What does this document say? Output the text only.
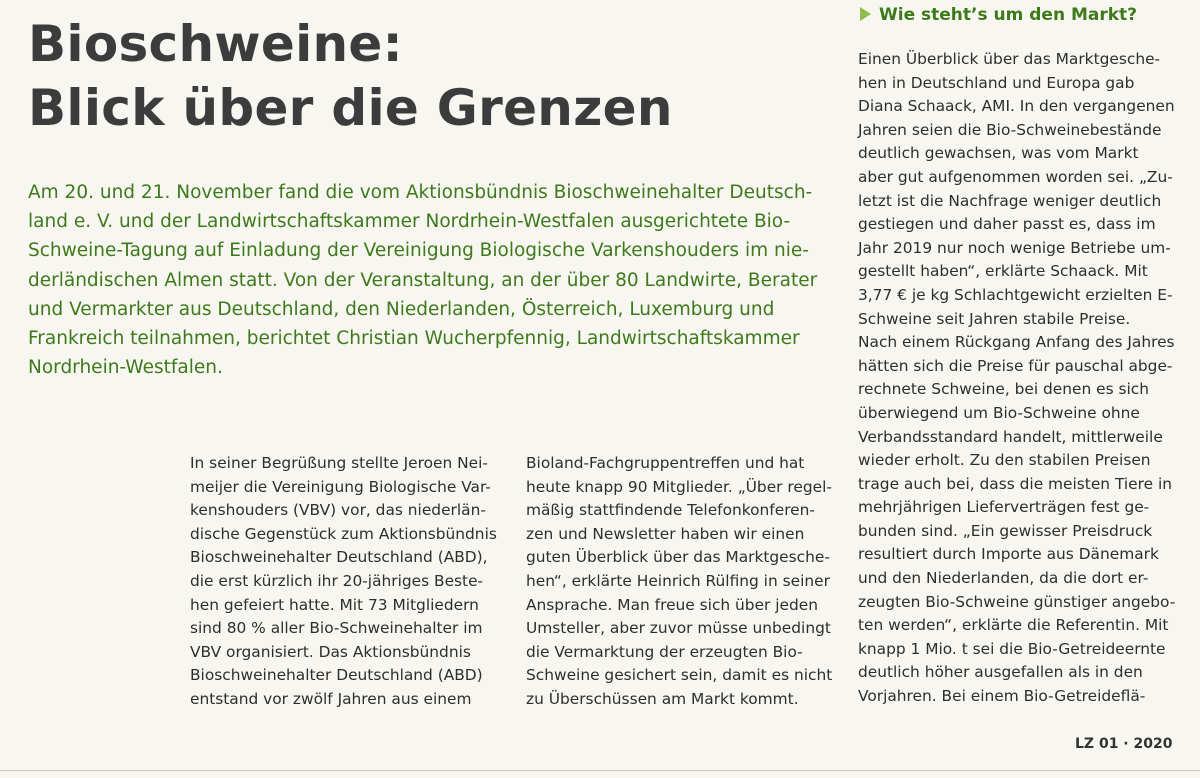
Bioschweine:
Blick über die Grenzen

Am 20. und 21. November fand die vom Aktionsbündnis Bioschweinehalter Deutsch-
land e. V. und der Landwirtschaftskammer Nordrhein-Westfalen ausgerichtete Bio-
Schweine-Tagung auf Einladung der Vereinigung Biologische Varkenshouders im nie-
derländischen Almen statt. Von der Veranstaltung, an der über 80 Landwirte, Berater
und Vermarkter aus Deutschland, den Niederlanden, Österreich, Luxemburg und
Frankreich teilnahmen, berichtet Christian Wucherpfennig, Landwirtschaftskammer
Nordrhein-Westfalen.

In seiner Begrüßung stellte Jeroen Nei-
meijer die Vereinigung Biologische Var-
kenshouders (VBV) vor, das niederlän-
dische Gegenstück zum Aktionsbündnis
Bioschweinehalter Deutschland (ABD),
die erst kürzlich ihr 20-jähriges Beste-
hen gefeiert hatte. Mit 73 Mitgliedern
sind 80 % aller Bio-Schweinehalter im
VBV organisiert. Das Aktionsbündnis
Bioschweinehalter Deutschland (ABD)
entstand vor zwölf Jahren aus einem

Bioland-Fachgruppentreffen und hat
heute knapp 90 Mitglieder. „Über regel-
mäßig stattfindende Telefonkonferen-
zen und Newsletter haben wir einen
guten Überblick über das Marktgesche-
hen“, erklärte Heinrich Rülfing in seiner
Ansprache. Man freue sich über jeden
Umsteller, aber zuvor müsse unbedingt
die Vermarktung der erzeugten Bio-
Schweine gesichert sein, damit es nicht
zu Überschüssen am Markt kommt.

Wie steht’s um den Markt?

Einen Überblick über das Marktgesche-
hen in Deutschland und Europa gab
Diana Schaack, AMI. In den vergangenen
Jahren seien die Bio-Schweinebestände
deutlich gewachsen, was vom Markt
aber gut aufgenommen worden sei. „Zu-
letzt ist die Nachfrage weniger deutlich
gestiegen und daher passt es, dass im
Jahr 2019 nur noch wenige Betriebe um-
gestellt haben“, erklärte Schaack. Mit
3,77 € je kg Schlachtgewicht erzielten E-
Schweine seit Jahren stabile Preise.
Nach einem Rückgang Anfang des Jahres
hätten sich die Preise für pauschal abge-
rechnete Schweine, bei denen es sich
überwiegend um Bio-Schweine ohne
Verbandsstandard handelt, mittlerweile
wieder erholt. Zu den stabilen Preisen
trage auch bei, dass die meisten Tiere in
mehrjährigen Lieferverträgen fest ge-
bunden sind. „Ein gewisser Preisdruck
resultiert durch Importe aus Dänemark
und den Niederlanden, da die dort er-
zeugten Bio-Schweine günstiger angebo-
ten werden“, erklärte die Referentin. Mit
knapp 1 Mio. t sei die Bio-Getreideernte
deutlich höher ausgefallen als in den
Vorjahren. Bei einem Bio-Getreideflä-

LZ 01 · 2020
